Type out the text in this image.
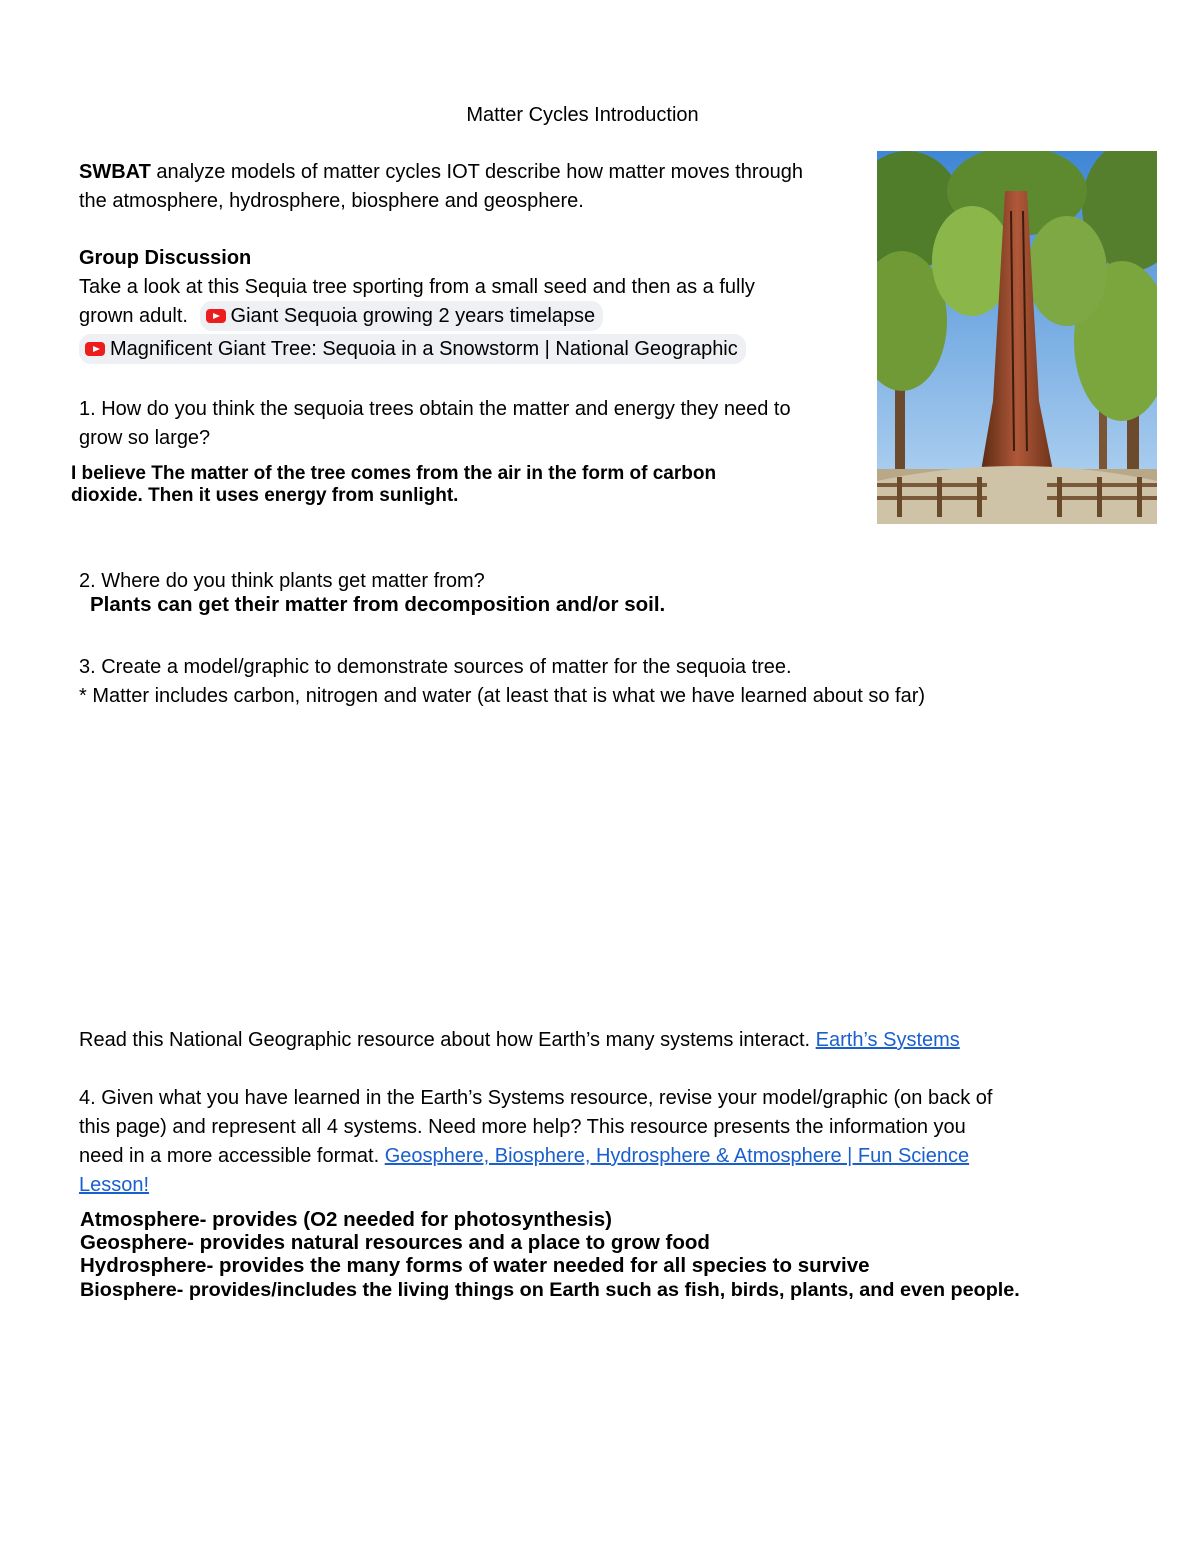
Matter Cycles Introduction
SWBAT analyze models of matter cycles IOT describe how matter moves through
the atmosphere, hydrosphere, biosphere and geosphere.
Group Discussion
Take a look at this Sequia tree sporting from a small seed and then as a fully
grown adult. Giant Sequoia growing 2 years timelapse
Magnificent Giant Tree: Sequoia in a Snowstorm | National Geographic
1. How do you think the sequoia trees obtain the matter and energy they need to
grow so large?
I believe The matter of the tree comes from the air in the form of carbon
dioxide. Then it uses energy from sunlight.
2. Where do you think plants get matter from?
Plants can get their matter from decomposition and/or soil.
3. Create a model/graphic to demonstrate sources of matter for the sequoia tree.
* Matter includes carbon, nitrogen and water (at least that is what we have learned about so far)
Read this National Geographic resource about how Earth’s many systems interact. Earth’s Systems
4. Given what you have learned in the Earth’s Systems resource, revise your model/graphic (on back of
this page) and represent all 4 systems. Need more help? This resource presents the information you
need in a more accessible format. Geosphere, Biosphere, Hydrosphere & Atmosphere | Fun Science
Lesson!
Atmosphere- provides (O2 needed for photosynthesis)
Geosphere- provides natural resources and a place to grow food
Hydrosphere- provides the many forms of water needed for all species to survive
Biosphere- provides/includes the living things on Earth such as fish, birds, plants, and even people.
